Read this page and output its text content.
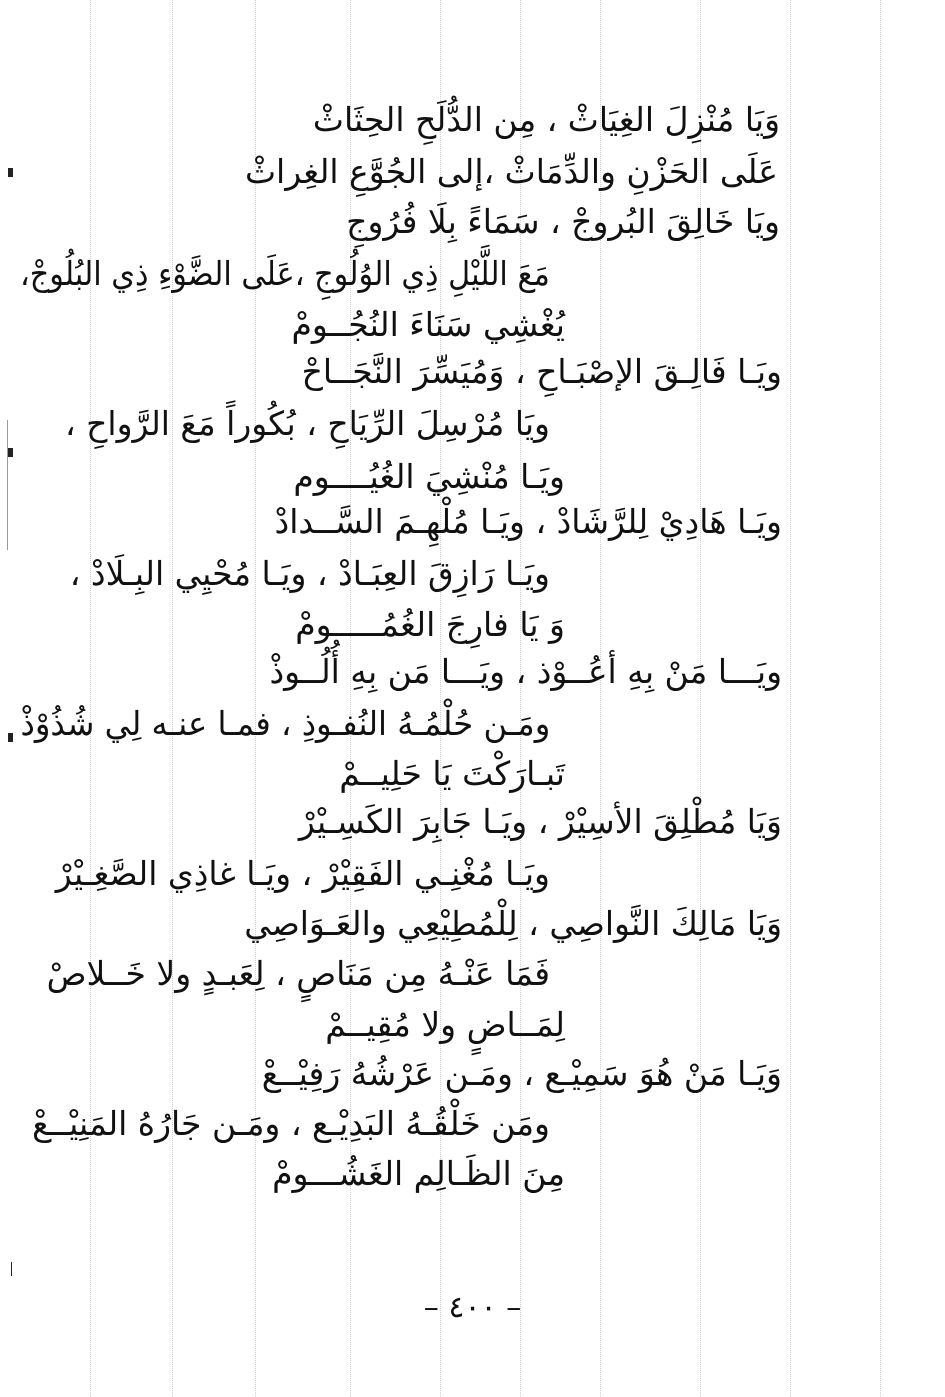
وَيَا مُنْزِلَ الغِيَاثْ ، مِن الدُّلَحِ الحِثَاثْ
عَلَى الحَزْنِ والدِّمَاثْ ،إلى الجُوَّعِ الغِراثْ
ويَا خَالِقَ البُروجْ ، سَمَاءً بِلَا فُرُوجِ
مَعَ اللَّيْلِ ذِي الوُلُوجِ ،عَلَى الضَّوْءِ ذِي البُلُوجْ،
يُغْشِي سَنَاءَ النُجُــومْ
ويَـا فَالِـقَ الإصْبَـاحِ ، وَمُيَسِّرَ النَّجَــاحْ
ويَا مُرْسِلَ الرِّيَاحِ ، بُكُوراً مَعَ الرَّواحِ ،
ويَـا مُنْشِيَ الغُيُــــوم
ويَـا هَادِيْ لِلرَّشَادْ ، ويَـا مُلْهِـمَ السَّــدادْ
ويَـا رَازِقَ العِبَـادْ ، ويَـا مُحْيِي البِـلَادْ ،
وَ يَا فارِجَ الغُمُـــــومْ
ويَـــا مَنْ بِهِ أعُــوْذ ، ويَـــا مَن بِهِ أُلُــوذْ
ومَـن حُلْمُـهُ النُفـوذِ ، فمـا عنـه لِي شُذُوْذْ
تَبـارَكْتَ يَا حَلِيــمْ
وَيَا مُطْلِقَ الأسِيْرْ ، ويَـا جَابِرَ الكَسِـيْرْ
ويَـا مُغْنِـي الفَقِيْرْ ، ويَـا غاذِي الصَّغِـيْرْ
وَيَا مَالِكَ النَّواصِي ، لِلْمُطِيْعِي والعَـوَاصِي
فَمَا عَنْـهُ مِن مَنَاصٍ ، لِعَبـدٍ ولا خَــلاصْ
لِمَــاضٍ ولا مُقِيــمْ
وَيَـا مَنْ هُوَ سَمِيْـع ، ومَـن عَرْشُهُ رَفِيْــعْ
ومَن خَلْقُـهُ البَدِيْـع ، ومَـن جَارُهُ المَنِيْــعْ
مِنَ الظَـالِم الغَشُـــومْ
– ٤٠٠ –
